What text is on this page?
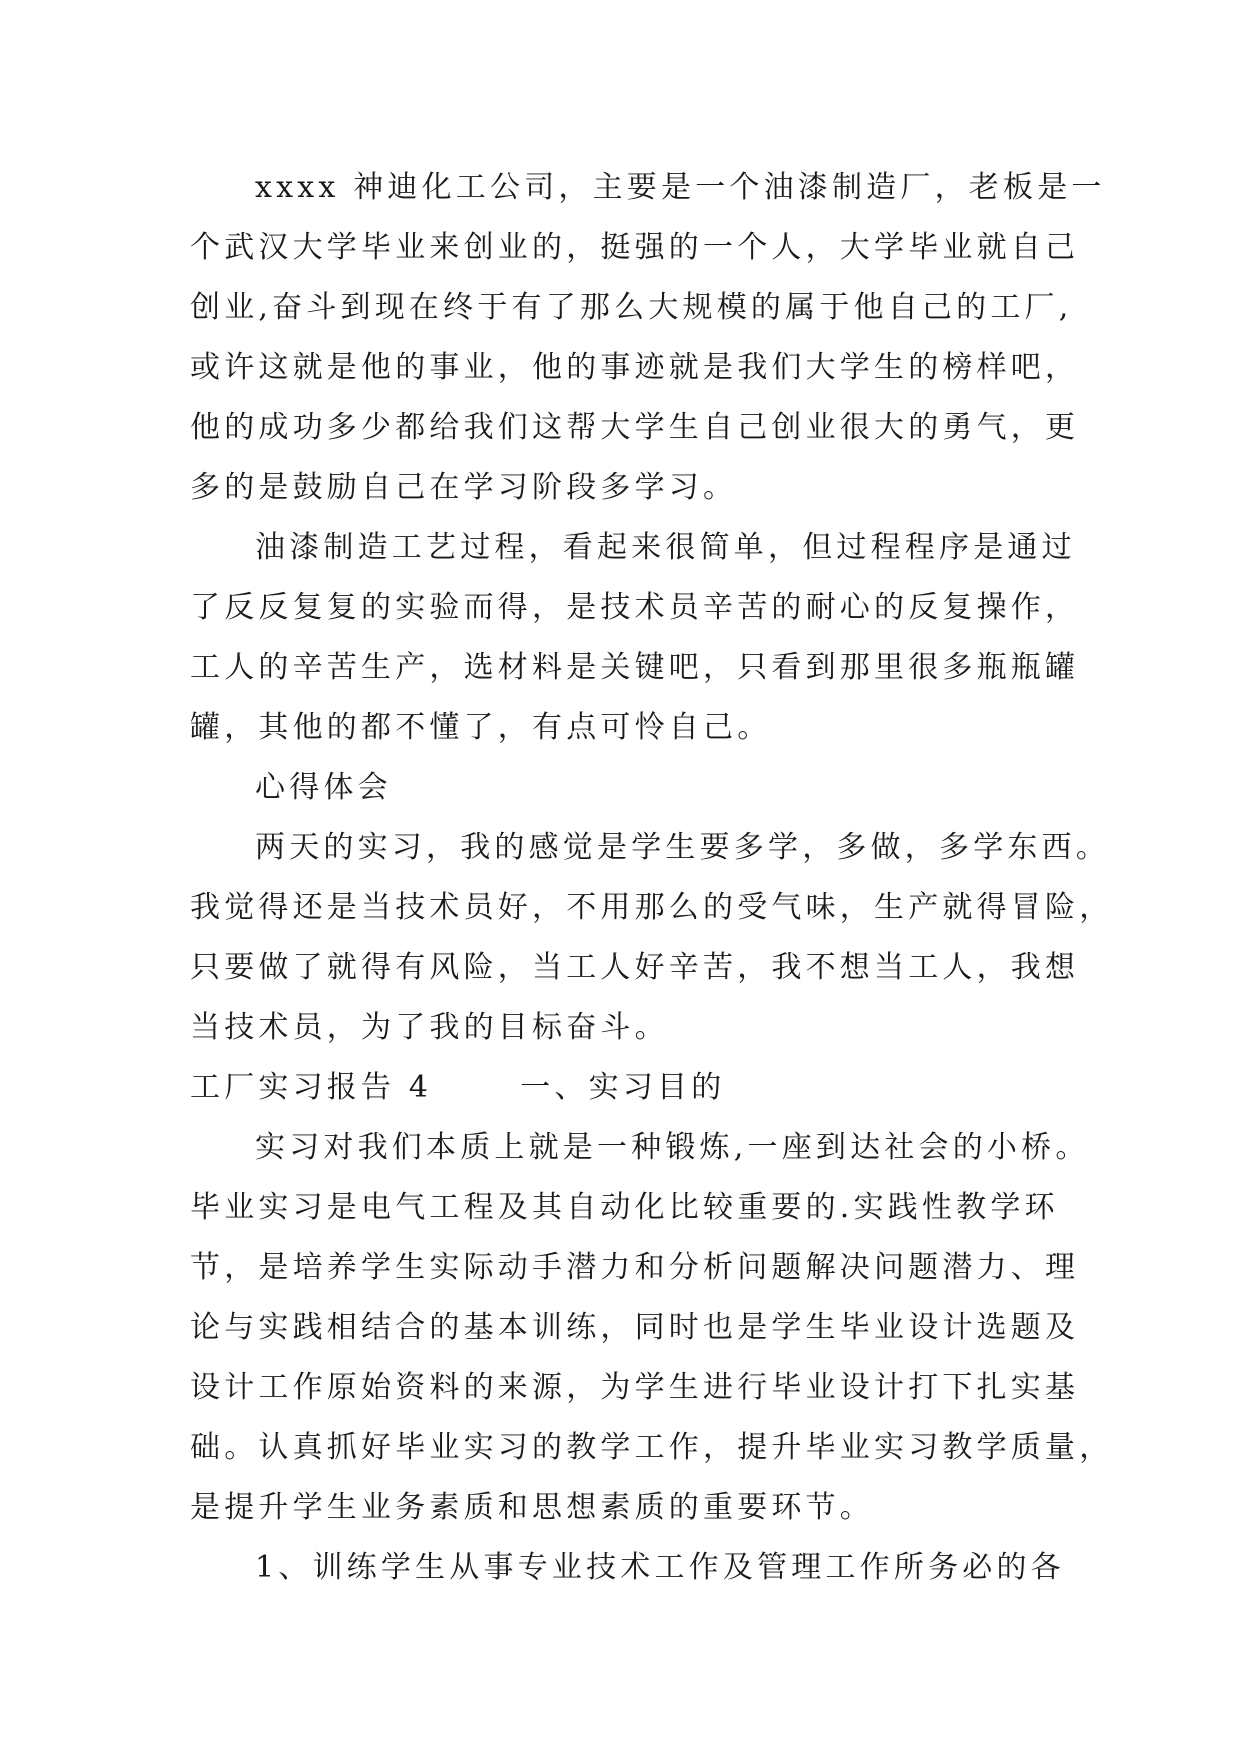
xxxx 神迪化工公司，主要是一个油漆制造厂，老板是一

个武汉大学毕业来创业的，挺强的一个人，大学毕业就自己

创业,奋斗到现在终于有了那么大规模的属于他自己的工厂,

或许这就是他的事业，他的事迹就是我们大学生的榜样吧，

他的成功多少都给我们这帮大学生自己创业很大的勇气，更

多的是鼓励自己在学习阶段多学习。

油漆制造工艺过程，看起来很简单，但过程程序是通过

了反反复复的实验而得，是技术员辛苦的耐心的反复操作，

工人的辛苦生产，选材料是关键吧，只看到那里很多瓶瓶罐

罐，其他的都不懂了，有点可怜自己。

心得体会

两天的实习，我的感觉是学生要多学，多做，多学东西。

我觉得还是当技术员好，不用那么的受气味，生产就得冒险，

只要做了就得有风险，当工人好辛苦，我不想当工人，我想

当技术员，为了我的目标奋斗。

工厂实习报告 4	一、实习目的

实习对我们本质上就是一种锻炼,一座到达社会的小桥。

毕业实习是电气工程及其自动化比较重要的.实践性教学环

节，是培养学生实际动手潜力和分析问题解决问题潜力、理

论与实践相结合的基本训练，同时也是学生毕业设计选题及

设计工作原始资料的来源，为学生进行毕业设计打下扎实基

础。认真抓好毕业实习的教学工作，提升毕业实习教学质量，

是提升学生业务素质和思想素质的重要环节。

1、训练学生从事专业技术工作及管理工作所务必的各
